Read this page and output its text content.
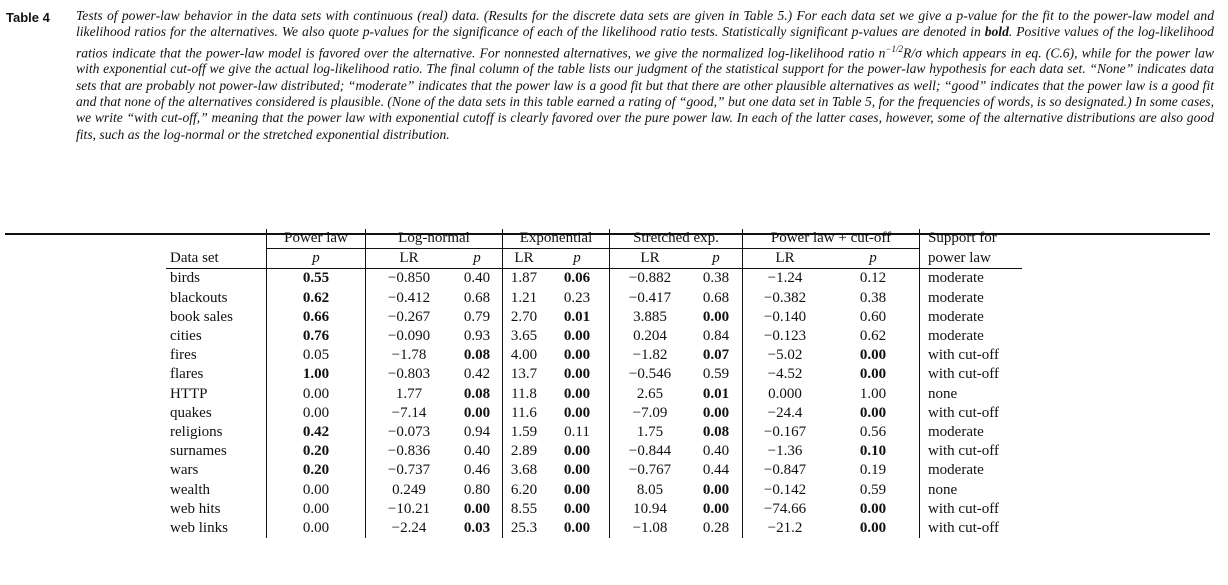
Table 4 Tests of power-law behavior in the data sets with continuous (real) data. (Results for the discrete data sets are given in Table 5.) For each data set we give a p-value for the fit to the power-law model and likelihood ratios for the alternatives. We also quote p-values for the significance of each of the likelihood ratio tests. Statistically significant p-values are denoted in bold. Positive values of the log-likelihood ratios indicate that the power-law model is favored over the alternative. For nonnested alternatives, we give the normalized log-likelihood ratio $n^{-1/2}R/\sigma$ which appears in eq. (C.6), while for the power law with exponential cut-off we give the actual log-likelihood ratio. The final column of the table lists our judgment of the statistical support for the power-law hypothesis for each data set. “None” indicates data sets that are probably not power-law distributed; “moderate” indicates that the power law is a good fit but that there are other plausible alternatives as well; “good” indicates that the power law is a good fit and that none of the alternatives considered is plausible. (None of the data sets in this table earned a rating of “good,” but one data set in Table 5, for the frequencies of words, is so designated.) In some cases, we write “with cut-off,” meaning that the power law with exponential cutoff is clearly favored over the pure power law. In each of the latter cases, however, some of the alternative distributions are also good fits, such as the log-normal or the stretched exponential distribution.
	Power law	Log-normal		Exponential		Stretched exp.		Power law + cut-off		Support for
Data set	p	LR	p	LR	p	LR	p	LR	p	power law
birds	0.55	−0.850	0.40	1.87	0.06	−0.882	0.38	−1.24	0.12	moderate
blackouts	0.62	−0.412	0.68	1.21	0.23	−0.417	0.68	−0.382	0.38	moderate
book sales	0.66	−0.267	0.79	2.70	0.01	3.885	0.00	−0.140	0.60	moderate
cities	0.76	−0.090	0.93	3.65	0.00	0.204	0.84	−0.123	0.62	moderate
fires	0.05	−1.78	0.08	4.00	0.00	−1.82	0.07	−5.02	0.00	with cut-off
flares	1.00	−0.803	0.42	13.7	0.00	−0.546	0.59	−4.52	0.00	with cut-off
HTTP	0.00	1.77	0.08	11.8	0.00	2.65	0.01	0.000	1.00	none
quakes	0.00	−7.14	0.00	11.6	0.00	−7.09	0.00	−24.4	0.00	with cut-off
religions	0.42	−0.073	0.94	1.59	0.11	1.75	0.08	−0.167	0.56	moderate
surnames	0.20	−0.836	0.40	2.89	0.00	−0.844	0.40	−1.36	0.10	with cut-off
wars	0.20	−0.737	0.46	3.68	0.00	−0.767	0.44	−0.847	0.19	moderate
wealth	0.00	0.249	0.80	6.20	0.00	8.05	0.00	−0.142	0.59	none
web hits	0.00	−10.21	0.00	8.55	0.00	10.94	0.00	−74.66	0.00	with cut-off
web links	0.00	−2.24	0.03	25.3	0.00	−1.08	0.28	−21.2	0.00	with cut-off
